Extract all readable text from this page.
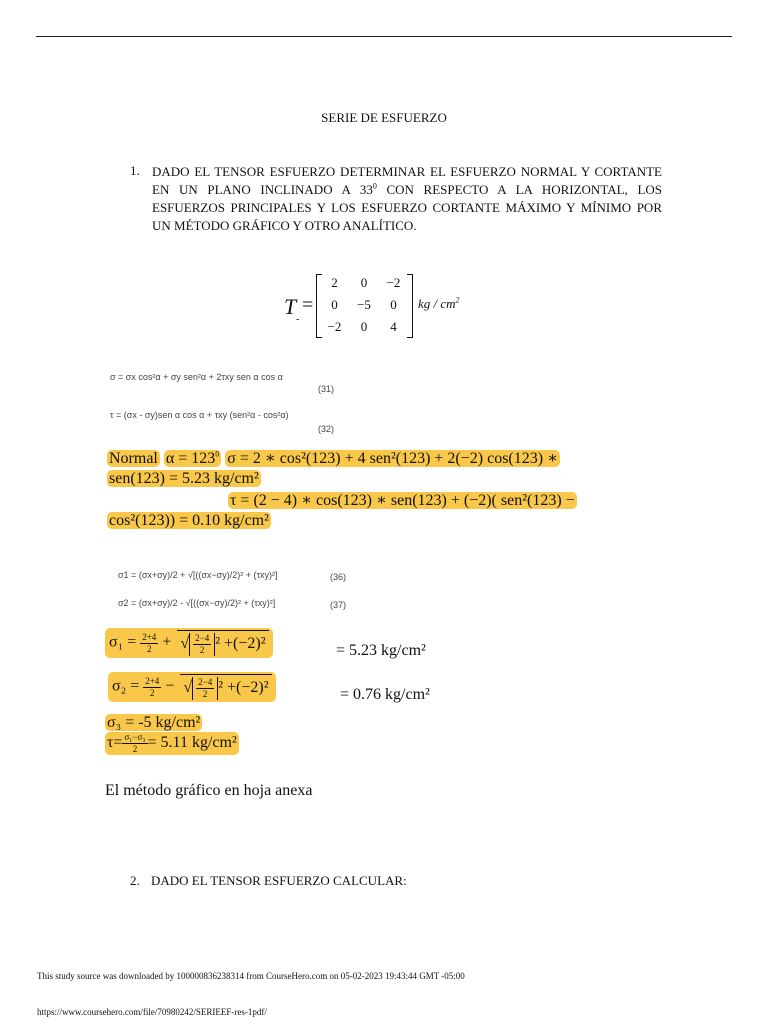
SERIE DE ESFUERZO
1. DADO EL TENSOR ESFUERZO DETERMINAR EL ESFUERZO NORMAL Y CORTANTE EN UN PLANO INCLINADO A $33^0$ CON RESPECTO A LA HORIZONTAL, LOS ESFUERZOS PRINCIPALES Y LOS ESFUERZO CORTANTE MÁXIMO Y MÍNIMO POR UN MÉTODO GRÁFICO Y OTRO ANALÍTICO.
T =
-
2	0	−2
0	−5	0
−2	0	4
kg / $cm^2$
σ = σx cos²α + σy sen²α + 2τxy sen α cos α
(31)
τ = (σx - σy)sen α cos α + τxy (sen²α - cos²α)
(32)
Normal $\alpha = 123^0$ σ = 2 ∗ cos²(123) + 4 sen²(123) + 2(−2) cos(123) ∗
sen(123) = 5.23 kg/cm²
τ = (2 − 4) ∗ cos(123) ∗ sen(123) + (−2)( sen²(123) −
cos²(123)) = 0.10 kg/cm²
σ1 = (σx+σy)/2 + √[((σx−σy)/2)² + (τxy)²]	(36)
σ2 = (σx+σy)/2 - √[((σx−σy)/2)² + (τxy)²]	(37)
$\sigma_1 = \frac{2+4}{2}$ + √ $\frac{2-4}{2} ^2 +(-2)^2$	= 5.23 kg/cm²
$\sigma_2 = \frac{2+4}{2}$ − √ $\frac{2-4}{2} ^2 +(-2)^2$	= 0.76 kg/cm²
σ₃ = -5 kg/cm²
$\tau= \frac{\text{σ₁−σ₃}}{2} = 5.11$ kg/cm²
El método gráfico en hoja anexa
2. DADO EL TENSOR ESFUERZO CALCULAR:
This study source was downloaded by 100000836238314 from CourseHero.com on 05-02-2023 19:43:44 GMT -05:00
https://www.coursehero.com/file/70980242/SERIEEF-res-1pdf/
